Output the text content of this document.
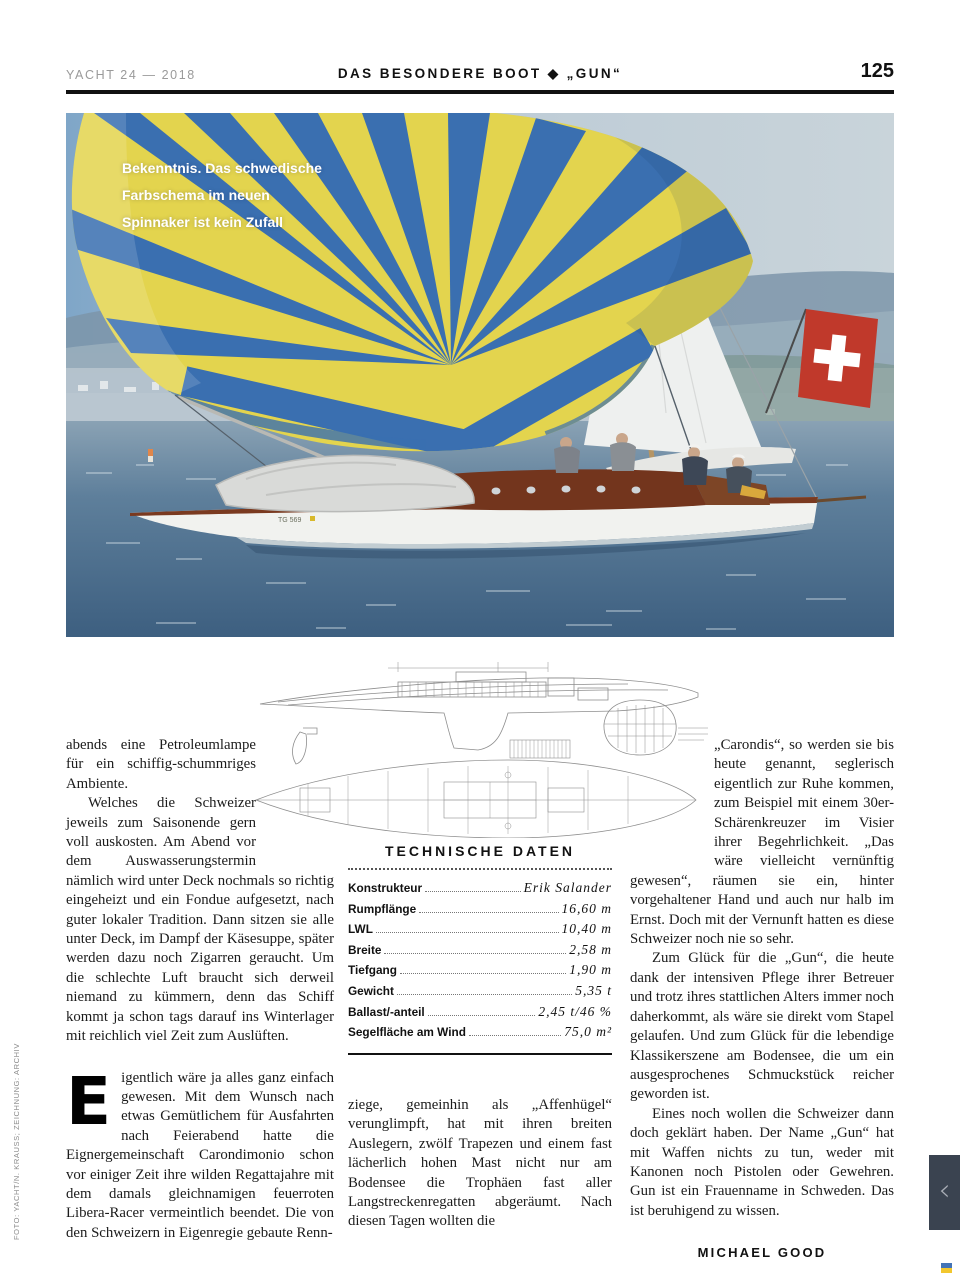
YACHT 24 — 2018	DAS BESONDERE BOOT ◆ „GUN“	125
TG 569
Bekenntnis. Das schwedische
Farbschema im neuen
Spinnaker ist kein Zufall

abends eine Petroleumlampe für ein schiffig-schummriges Ambiente.

Welches die Schweizer jeweils zum Saisonende gern voll auskosten. Am Abend vor dem Auswasserungstermin nämlich wird unter Deck nochmals so richtig eingeheizt und ein Fondue aufgesetzt, nach guter lokaler Tradition. Dann sitzen sie alle unter Deck, im Dampf der Käsesuppe, später werden dazu noch Zigarren geraucht. Um die schlechte Luft braucht sich derweil niemand zu kümmern, denn das Schiff kommt ja schon tags darauf ins Winterlager mit reichlich viel Zeit zum Auslüften.

Eigentlich wäre ja alles ganz einfach gewesen. Mit dem Wunsch nach etwas Gemütlichem für Ausfahrten nach Feierabend hatte die Eignergemeinschaft Carondimonio schon vor einiger Zeit ihre wilden Regattajahre mit dem damals gleichnamigen feuerroten Libera-Racer vermeintlich beendet. Die von den Schweizern in Eigenregie gebaute Renn-

TECHNISCHE DATEN
Konstrukteur	Erik Salander
Rumpflänge	16,60 m
LWL	10,40 m
Breite	2,58 m
Tiefgang	1,90 m
Gewicht	5,35 t
Ballast/-anteil	2,45 t/46 %
Segelfläche am Wind	75,0 m²

ziege, gemeinhin als „Affenhügel“ verunglimpft, hat mit ihren breiten Auslegern, zwölf Trapezen und einem fast lächerlich hohen Mast nicht nur am Bodensee die Trophäen fast aller Langstreckenregatten abgeräumt. Nach diesen Tagen wollten die

„Carondis“, so werden sie bis heute genannt, seglerisch eigentlich zur Ruhe kommen, zum Beispiel mit einem 30er-Schärenkreuzer im Visier ihrer Begehrlichkeit. „Das wäre vielleicht vernünftig gewesen“, räumen sie ein, hinter vorgehaltener Hand und auch nur halb im Ernst. Doch mit der Vernunft hatten es diese Schweizer noch nie so sehr.

Zum Glück für die „Gun“, die heute dank der intensiven Pflege ihrer Betreuer und trotz ihres stattlichen Alters immer noch daherkommt, als wäre sie direkt vom Stapel gelaufen. Und zum Glück für die lebendige Klassikerszene am Bodensee, die um ein ausgesprochenes Schmuckstück reicher geworden ist.

Eines noch wollen die Schweizer dann doch geklärt haben. Der Name „Gun“ hat mit Waffen nichts zu tun, weder mit Kanonen noch Pistolen oder Gewehren. Gun ist ein Frauenname in Schweden. Das ist beruhigend zu wissen.

MICHAEL GOOD
FOTO: YACHT/N. KRAUSS; ZEICHNUNG: ARCHIV	‹
